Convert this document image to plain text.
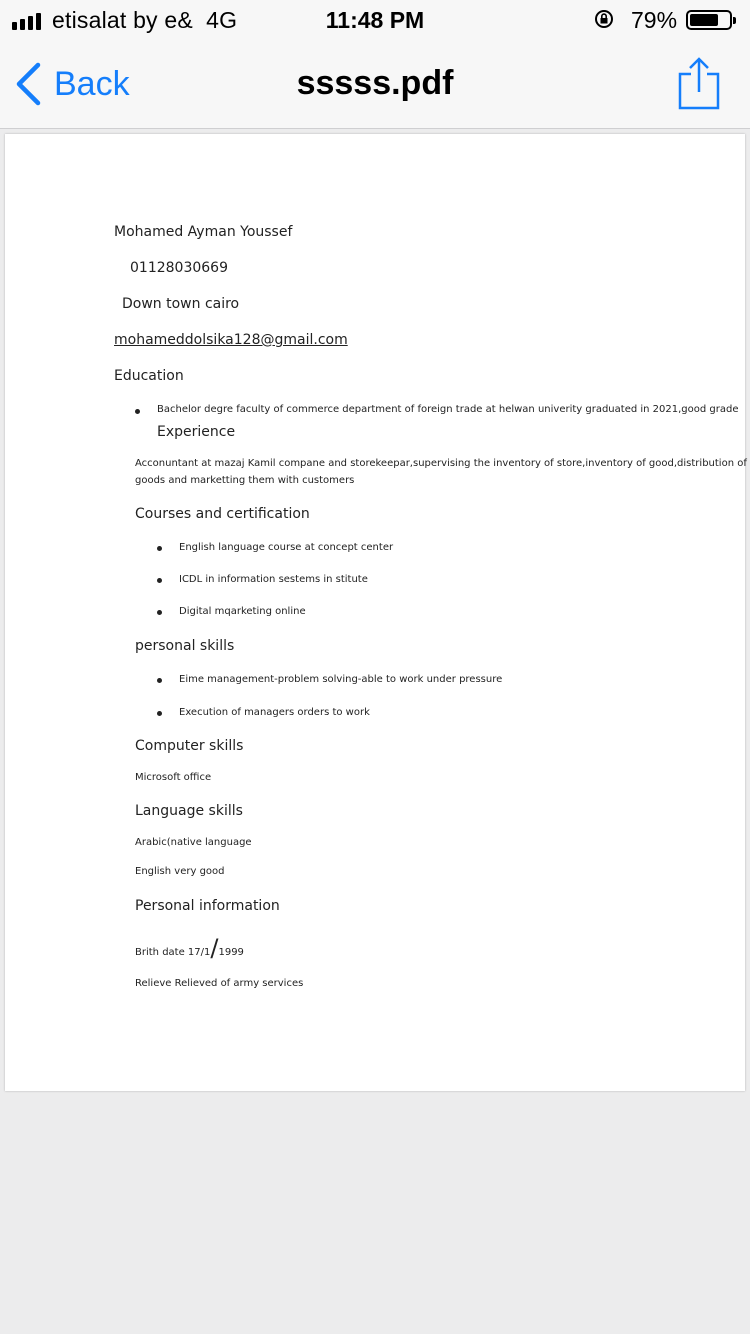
etisalat by e& 4G	11:48 PM	79%
Back	sssss.pdf
Mohamed Ayman Youssef
01128030669
Down town cairo
mohameddolsika128@gmail.com
Education
Bachelor degre faculty of commerce department of foreign trade at helwan univerity graduated in 2021,good grade
Experience
Acconuntant at mazaj Kamil compane and storekeepar,supervising the inventory of store,inventory of good,distribution of
goods and marketting them with customers
Courses and certification
English language course at concept center
ICDL in information sestems in stitute
Digital mqarketing online
personal skills
Eime management-problem solving-able to work under pressure
Execution of managers orders to work
Computer skills
Microsoft office
Language skills
Arabic(native language
English very good
Personal information
Brith date 17/1/1999
Relieve Relieved of army services
